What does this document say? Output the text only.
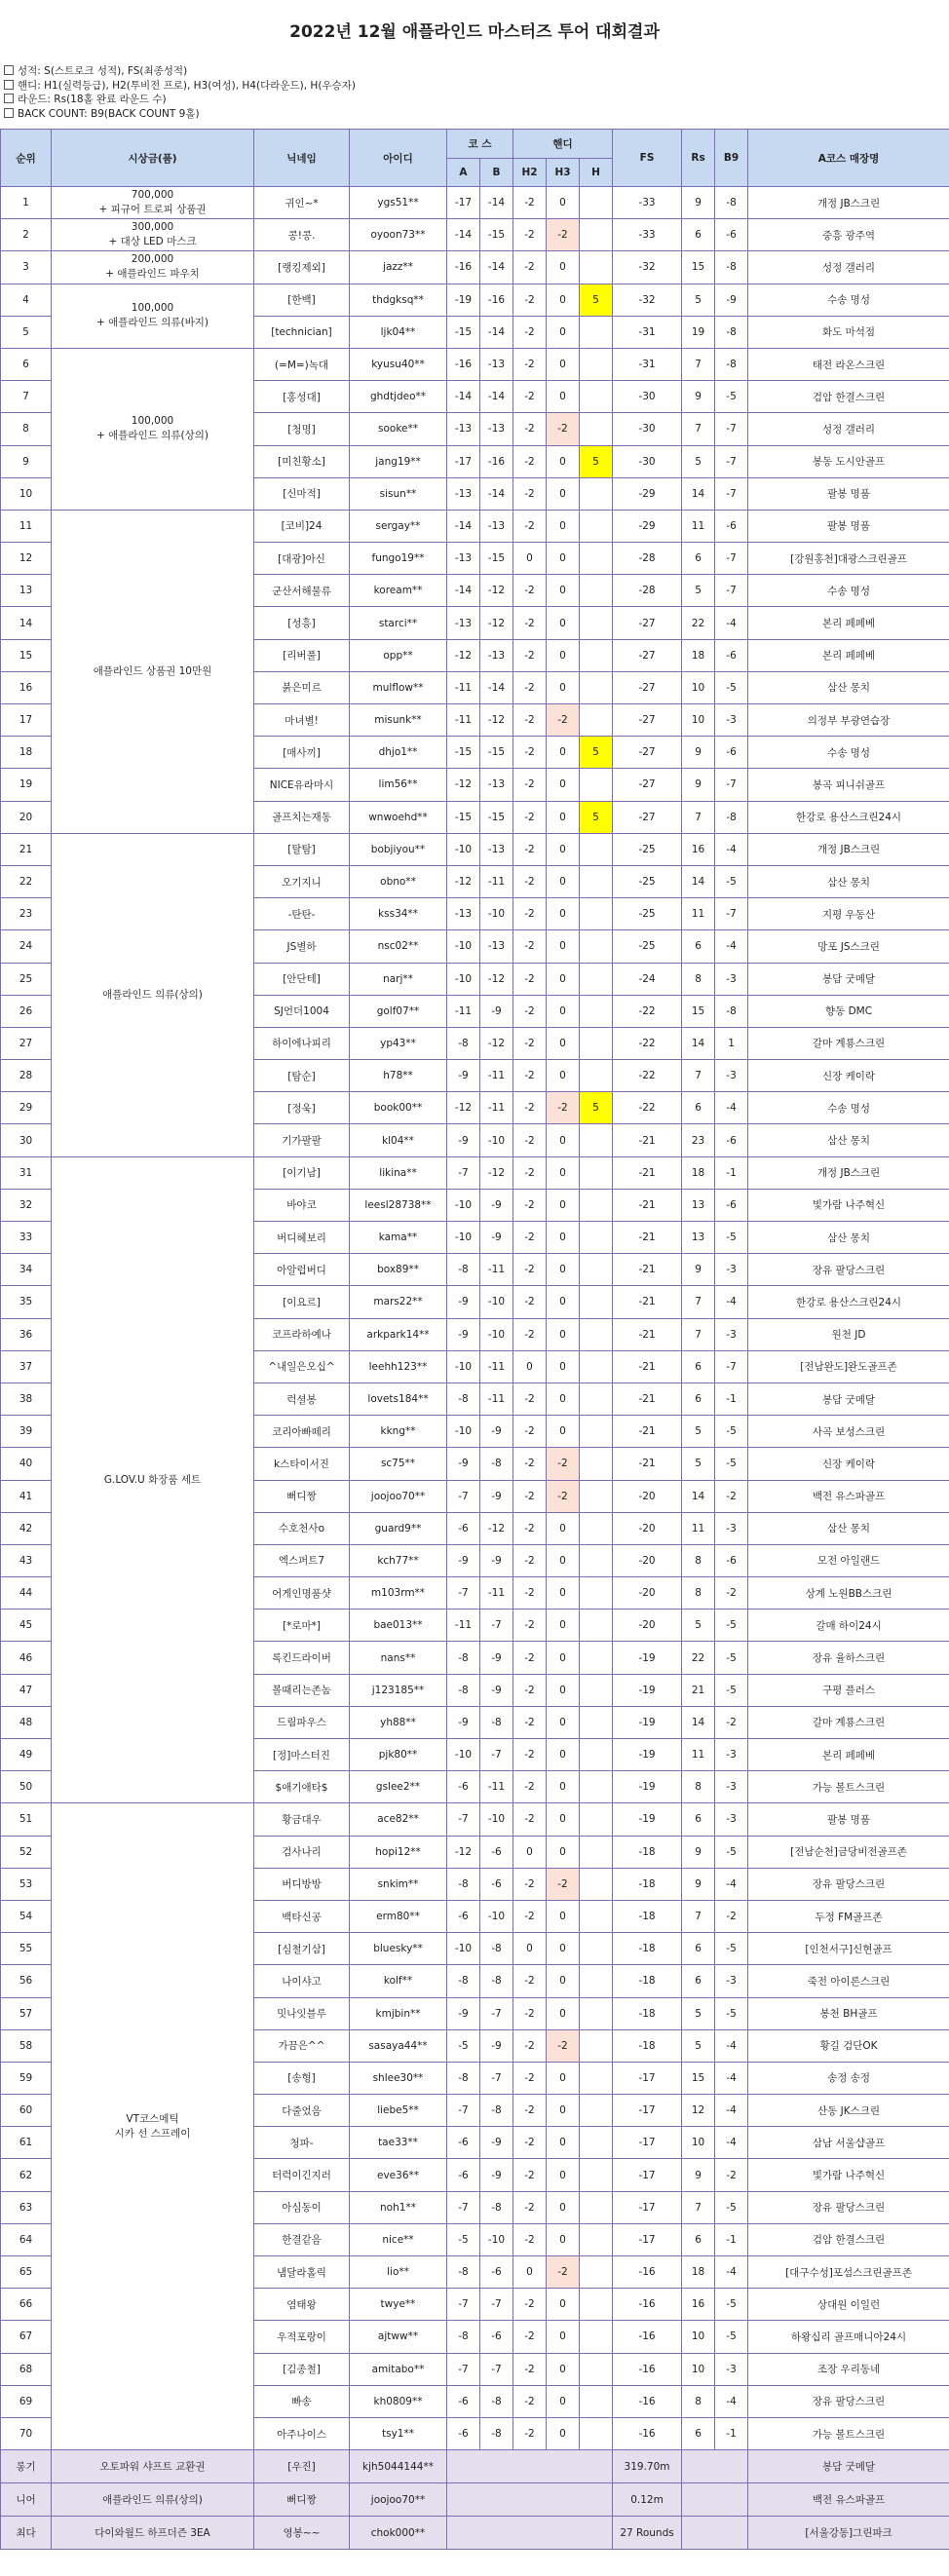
2022년 12월 애플라인드 마스터즈 투어 대회결과
성적: S(스트로크 성적), FS(최종성적)
핸디: H1(실력등급), H2(투비전 프로), H3(여성), H4(다라운드), H(우승자)
라운드: Rs(18홀 완료 라운드 수)
BACK COUNT: B9(BACK COUNT 9홀)
순위	시상금(품)	닉네임	아이디	코 스		핸디			FS	Rs	B9	A코스 매장명
				A	B	H2	H3	H				
1	700,000
+ 피규어 트로피 상품권	귀인~*	ygs51**	-17	-14	-2	0		-33	9	-8	개정 JB스크린
2	300,000
+ 대상 LED 마스크	콩!콩.	oyoon73**	-14	-15	-2	-2		-33	6	-6	중흥 광주역
3	200,000
+ 애플라인드 파우치	[랭킹제외]	jazz**	-16	-14	-2	0		-32	15	-8	성정 갤러리
4	100,000
+ 애플라인드 의류(바지)	[한백]	thdgksq**	-19	-16	-2	0	5	-32	5	-9	수송 명성
5		[technician]	ljk04**	-15	-14	-2	0		-31	19	-8	화도 마석점
6	100,000
+ 애플라인드 의류(상의)	(=M=)녹대	kyusu40**	-16	-13	-2	0		-31	7	-8	태전 라온스크린
7		[홍성대]	ghdtjdeo**	-14	-14	-2	0		-30	9	-5	검암 한결스크린
8		[청명]	sooke**	-13	-13	-2	-2		-30	7	-7	성정 갤러리
9		[미친황소]	jang19**	-17	-16	-2	0	5	-30	5	-7	봉동 도시안골프
10		[신마적]	sisun**	-13	-14	-2	0		-29	14	-7	팔봉 명품
11	애플라인드 상품권 10만원	[코비]24	sergay**	-14	-13	-2	0		-29	11	-6	팔봉 명품
12		[대광]아신	fungo19**	-13	-15	0	0		-28	6	-7	[강원홍천]대광스크린골프
13		군산서해물류	koream**	-14	-12	-2	0		-28	5	-7	수송 명성
14		[성흥]	starci**	-13	-12	-2	0		-27	22	-4	본리 페페베
15		[리버풀]	opp**	-12	-13	-2	0		-27	18	-6	본리 페페베
16		붉은미르	mulflow**	-11	-14	-2	0		-27	10	-5	삼산 몽치
17		마녀별!	misunk**	-11	-12	-2	-2		-27	10	-3	의정부 부광연습장
18		[매사끼]	dhjo1**	-15	-15	-2	0	5	-27	9	-6	수송 명성
19		NICE유라마시	lim56**	-12	-13	-2	0		-27	9	-7	봉곡 피니쉬골프
20		골프치는재동	wnwoehd**	-15	-15	-2	0	5	-27	7	-8	한강로 용산스크린24시
21	애플라인드 의류(상의)	[탈탐]	bobjiyou**	-10	-13	-2	0		-25	16	-4	개정 JB스크린
22		오기지니	obno**	-12	-11	-2	0		-25	14	-5	삼산 몽치
23		-탄탄-	kss34**	-13	-10	-2	0		-25	11	-7	지평 우동산
24		JS별하	nsc02**	-10	-13	-2	0		-25	6	-4	망포 JS스크린
25		[안단테]	narj**	-10	-12	-2	0		-24	8	-3	봉담 굿메달
26		SJ언더1004	golf07**	-11	-9	-2	0		-22	15	-8	향동 DMC
27		하이에나피리	yp43**	-8	-12	-2	0		-22	14	1	갈마 계룡스크린
28		[탐순]	h78**	-9	-11	-2	0		-22	7	-3	신장 케이락
29		[정욱]	book00**	-12	-11	-2	-2	5	-22	6	-4	수송 명성
30		기가팔팔	kl04**	-9	-10	-2	0		-21	23	-6	삼산 몽치
31	G.LOV.U 화장품 세트	[이기남]	likina**	-7	-12	-2	0		-21	18	-1	개정 JB스크린
32		바야코	leesl28738**	-10	-9	-2	0		-21	13	-6	빛가람 나주혁신
33		버디헤보리	kama**	-10	-9	-2	0		-21	13	-5	삼산 몽치
34		아알럽버디	box89**	-8	-11	-2	0		-21	9	-3	장유 팔당스크린
35		[이요르]	mars22**	-9	-10	-2	0		-21	7	-4	한강로 용산스크린24시
36		코프라하예나	arkpark14**	-9	-10	-2	0		-21	7	-3	원천 JD
37		^내일은오십^	leehh123**	-10	-11	0	0		-21	6	-7	[전남완도]완도골프존
38		럭셜봉	lovets184**	-8	-11	-2	0		-21	6	-1	봉담 굿메달
39		코리아빠떼리	kkng**	-10	-9	-2	0		-21	5	-5	사곡 보성스크린
40		k스타이서진	sc75**	-9	-8	-2	-2		-21	5	-5	신장 케이락
41		뻐디짱	joojoo70**	-7	-9	-2	-2		-20	14	-2	백전 유스파골프
42		수호천사o	guard9**	-6	-12	-2	0		-20	11	-3	삼산 몽치
43		엑스퍼트7	kch77**	-9	-9	-2	0		-20	8	-6	모전 아일랜드
44		어게인명품샷	m103rm**	-7	-11	-2	0		-20	8	-2	상계 노원BB스크린
45		[*로마*]	bae013**	-11	-7	-2	0		-20	5	-5	갈매 하이24시
46		록킨드라이버	nans**	-8	-9	-2	0		-19	22	-5	장유 율하스크린
47		볼때리는존놈	j123185**	-8	-9	-2	0		-19	21	-5	구평 플러스
48		드림파우스	yh88**	-9	-8	-2	0		-19	14	-2	갈마 계룡스크린
49		[정]마스터진	pjk80**	-10	-7	-2	0		-19	11	-3	본리 페페베
50		$애기애타$	gslee2**	-6	-11	-2	0		-19	8	-3	가능 볼트스크린
51	VT코스메틱
시카 선 스프레이	황금대우	ace82**	-7	-10	-2	0		-19	6	-3	팔봉 명품
52		검사나리	hopi12**	-12	-6	0	0		-18	9	-5	[전남순천]금당비전골프존
53		버디방방	snkim**	-8	-6	-2	-2		-18	9	-4	장유 팔당스크린
54		백타신공	erm80**	-6	-10	-2	0		-18	7	-2	두정 FM골프존
55		[심철기삼]	bluesky**	-10	-8	0	0		-18	6	-5	[인천서구]신현골프
56		나이샤고	kolf**	-8	-8	-2	0		-18	6	-3	죽전 아이론스크린
57		밋나잇블루	kmjbin**	-9	-7	-2	0		-18	5	-5	봉천 BH골프
58		가끔은^^	sasaya44**	-5	-9	-2	-2		-18	5	-4	황길 검단OK
59		[송형]	shlee30**	-8	-7	-2	0		-17	15	-4	송정 송정
60		다줄었음	liebe5**	-7	-8	-2	0		-17	12	-4	산동 JK스크린
61		청파-	tae33**	-6	-9	-2	0		-17	10	-4	삼남 서울샵골프
62		터럭이긴지러	eve36**	-6	-9	-2	0		-17	9	-2	빛가람 나주혁신
63		아심동이	noh1**	-7	-8	-2	0		-17	7	-5	장유 팔당스크린
64		한결같음	nice**	-5	-10	-2	0		-17	6	-1	검암 한결스크린
65		냄달라홀릭	lio**	-8	-6	0	-2		-16	18	-4	[대구수성]포섬스크린골프존
66		염태왕	twye**	-7	-7	-2	0		-16	16	-5	상대원 이일런
67		우적포랑이	ajtww**	-8	-6	-2	0		-16	10	-5	하왕십리 골프매니아24시
68		[김종철]	amitabo**	-7	-7	-2	0		-16	10	-3	조장 우리동네
69		빠송	kh0809**	-6	-8	-2	0		-16	8	-4	장유 팔당스크린
70		아주나이스	tsy1**	-6	-8	-2	0		-16	6	-1	가능 볼트스크린
롱기	오토파워 샤프트 교환권	[우진]	kjh5044144**						319.70m			봉담 굿메달
니어	애플라인드 의류(상의)	뻐디짱	joojoo70**						0.12m			백전 유스파골프
최다	다이와월드 하프더즌 3EA	영봉~~	chok000**						27 Rounds			[서울강동]그린파크
